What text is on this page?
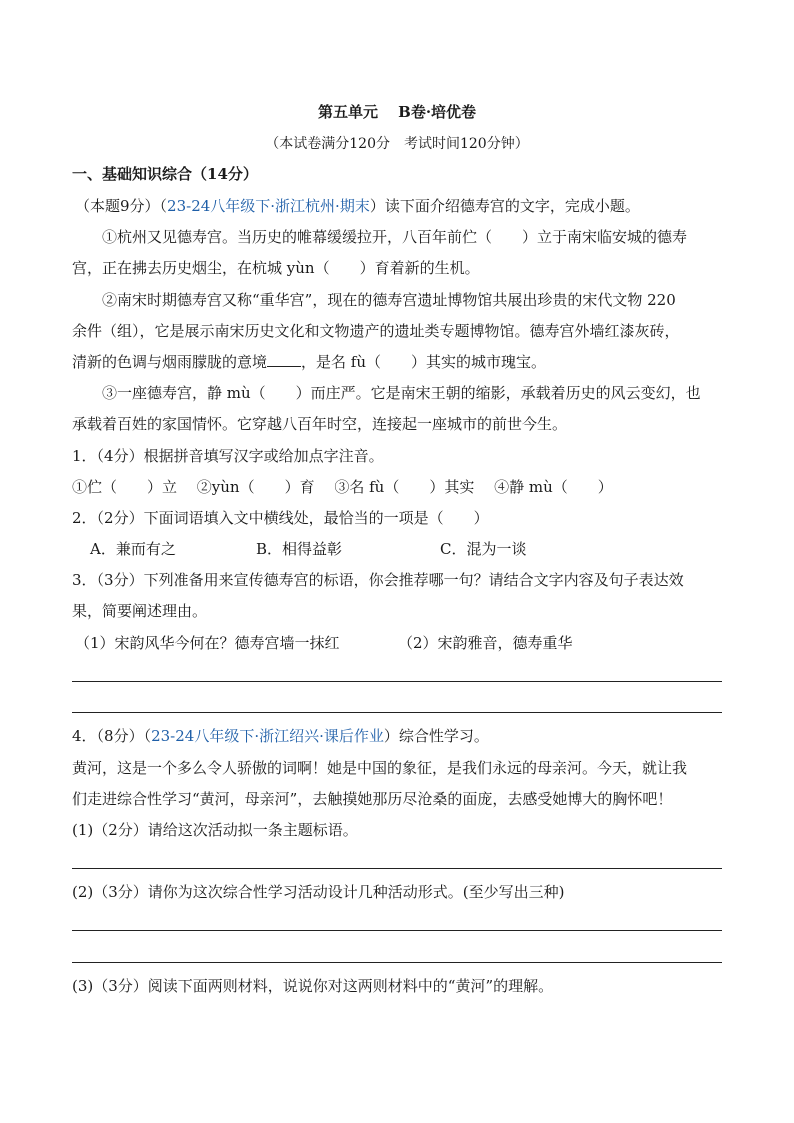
第五单元　 B卷·培优卷
（本试卷满分120分　考试时间120分钟）
一、基础知识综合（14分）
（本题9分）（23-24八年级下·浙江杭州·期末）读下面介绍德寿宫的文字，完成小题。
①杭州又见德寿宫。当历史的帷幕缓缓拉开，八百年前伫（　　）立于南宋临安城的德寿
宫，正在拂去历史烟尘，在杭城 yùn（　　）育着新的生机。
②南宋时期德寿宫又称“重华宫”，现在的德寿宫遗址博物馆共展出珍贵的宋代文物 220
余件（组），它是展示南宋历史文化和文物遗产的遗址类专题博物馆。德寿宫外墙红漆灰砖，
清新的色调与烟雨朦胧的意境 ，是名 fù（　　）其实的城市瑰宝。
③一座德寿宫，静 mù（　　）而庄严。它是南宋王朝的缩影，承载着历史的风云变幻，也
承载着百姓的家国情怀。它穿越八百年时空，连接起一座城市的前世今生。
1．（4分）根据拼音填写汉字或给加点字注音。
①伫（　　）立　 ②yùn（　　）育　 ③名 fù（　　）其实　 ④静 mù（　　）
2．（2分）下面词语填入文中横线处，最恰当的一项是（　　）
A．兼而有之	B．相得益彰	C．混为一谈
3．（3分）下列准备用来宣传德寿宫的标语，你会推荐哪一句？请结合文字内容及句子表达效
果，简要阐述理由。
（1）宋韵风华今何在？德寿宫墙一抹红	（2）宋韵雅音，德寿重华
4．（8分）（23-24八年级下·浙江绍兴·课后作业）综合性学习。
黄河，这是一个多么令人骄傲的词啊！她是中国的象征，是我们永远的母亲河。今天，就让我
们走进综合性学习“黄河，母亲河”，去触摸她那历尽沧桑的面庞，去感受她博大的胸怀吧！
(1)（2分）请给这次活动拟一条主题标语。
(2)（3分）请你为这次综合性学习活动设计几种活动形式。(至少写出三种)
(3)（3分）阅读下面两则材料，说说你对这两则材料中的“黄河”的理解。
